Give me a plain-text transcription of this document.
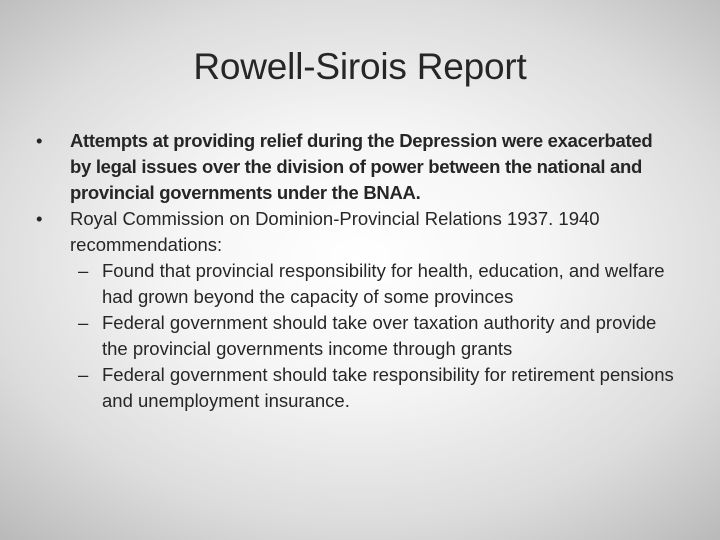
Rowell-Sirois Report
•	Attempts at providing relief during the Depression were exacerbated by legal issues over the division of power between the national and provincial governments under the BNAA.
•	Royal Commission on Dominion-Provincial Relations 1937. 1940 recommendations:
– Found that provincial responsibility for health, education, and welfare had grown beyond the capacity of some provinces
– Federal government should take over taxation authority and provide the provincial governments income through grants
– Federal government should take responsibility for retirement pensions and unemployment insurance.
